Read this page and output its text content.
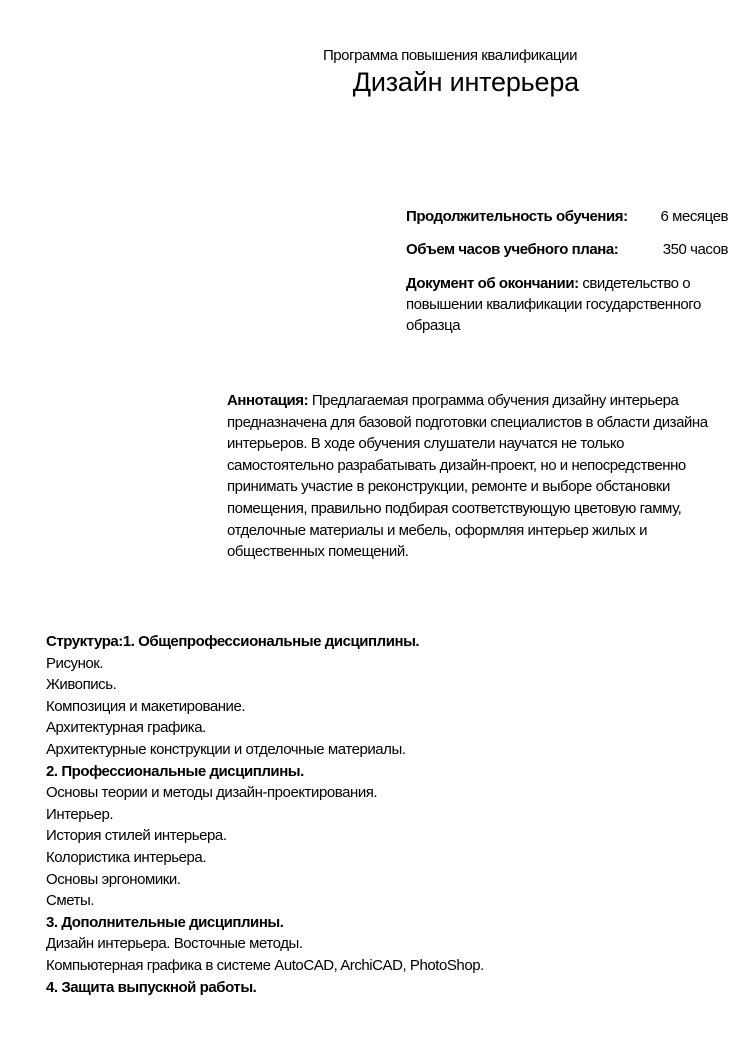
Программа повышения квалификации
Дизайн интерьера
Продолжительность обучения: 6 месяцев
Объем часов учебного плана:	350 часов
Документ об окончании: свидетельство о повышении квалификации государственного образца
Аннотация: Предлагаемая программа обучения дизайну интерьера предназначена для базовой подготовки специалистов в области дизайна интерьеров. В ходе обучения слушатели научатся не только самостоятельно разрабатывать дизайн-проект, но и непосредственно принимать участие в реконструкции, ремонте и выборе обстановки помещения, правильно подбирая соответствующую цветовую гамму, отделочные материалы и мебель, оформляя интерьер жилых и общественных помещений.
Структура:1. Общепрофессиональные дисциплины.
Рисунок.
Живопись.
Композиция и макетирование.
Архитектурная графика.
Архитектурные конструкции и отделочные материалы.
2. Профессиональные дисциплины.
Основы теории и методы дизайн-проектирования.
Интерьер.
История стилей интерьера.
Колористика интерьера.
Основы эргономики.
Сметы.
3. Дополнительные дисциплины.
Дизайн интерьера. Восточные методы.
Компьютерная графика в системе AutoCAD, ArchiCAD, PhotoShop.
4. Защита выпускной работы.
